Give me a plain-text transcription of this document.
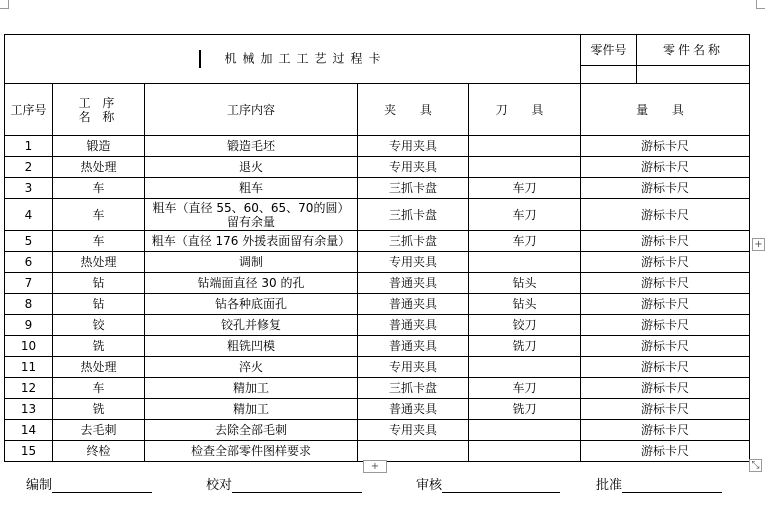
机械加工工艺过程卡					零件号	零件名称

工序号	工 序 名 称	工序内容	夹 具	刀 具	量 具	
1	锻造	锻造毛坯	专用夹具		游标卡尺	
2	热处理	退火	专用夹具		游标卡尺	
3	车	粗车	三抓卡盘	车刀	游标卡尺	
4	车	粗车（直径 55、60、65、70的圆）留有余量	三抓卡盘	车刀	游标卡尺	
5	车	粗车（直径 176 外援表面留有余量）	三抓卡盘	车刀	游标卡尺	
6	热处理	调制	专用夹具		游标卡尺	
7	钻	钻端面直径 30 的孔	普通夹具	钻头	游标卡尺	
8	钻	钻各种底面孔	普通夹具	钻头	游标卡尺	
9	铰	铰孔并修复	普通夹具	铰刀	游标卡尺	
10	铣	粗铣凹模	普通夹具	铣刀	游标卡尺	
11	热处理	淬火	专用夹具		游标卡尺	
12	车	精加工	三抓卡盘	车刀	游标卡尺	
13	铣	精加工	普通夹具	铣刀	游标卡尺	
14	去毛刺	去除全部毛刺	专用夹具		游标卡尺	
15	终检	检查全部零件图样要求			游标卡尺	
编制	校对	审核	批准
+
+	⤡
